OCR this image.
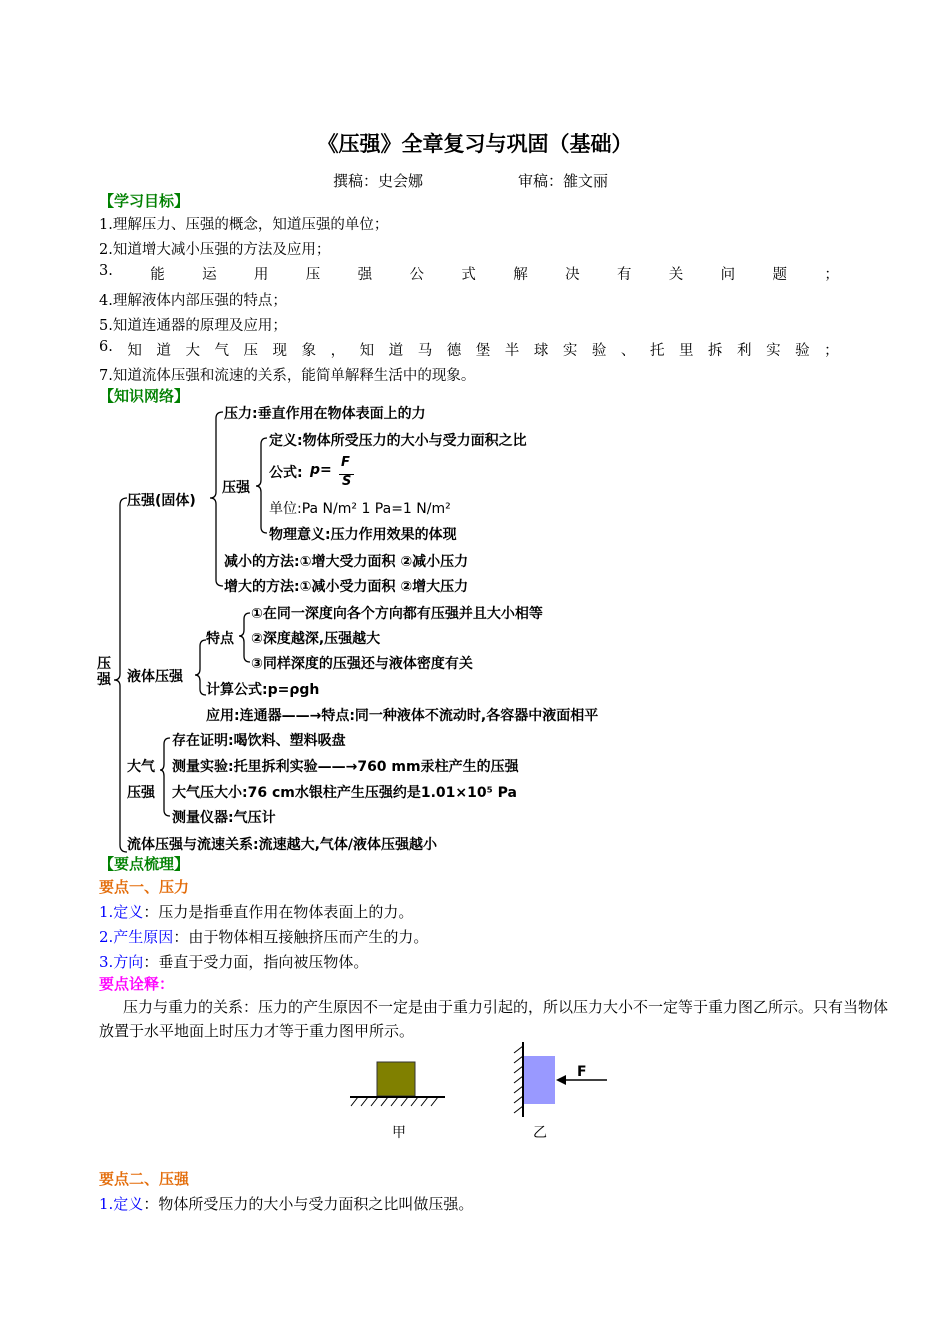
《压强》全章复习与巩固（基础）
撰稿：史会娜	审稿：雒文丽
【学习目标】
1.理解压力、压强的概念，知道压强的单位；
2.知道增大减小压强的方法及应用；
3.	能	运	用	压	强	公	式	解	决	有	关	问	题	；
4.理解液体内部压强的特点；
5.知道连通器的原理及应用；
6. 知 道 大 气 压 现 象 ， 知 道 马 德 堡 半 球 实 验 、 托 里 拆 利 实 验 ；
7.知道流体压强和流速的关系，能简单解释生活中的现象。
【知识网络】
压强
压强(固体)
压力:垂直作用在物体表面上的力
压强
定义:物体所受压力的大小与受力面积之比
公式: p= F
S
单位:Pa N/m² 1 Pa=1 N/m²
物理意义:压力作用效果的体现
减小的方法:①增大受力面积 ②减小压力
增大的方法:①减小受力面积 ②增大压力
液体压强
特点
①在同一深度向各个方向都有压强并且大小相等
②深度越深,压强越大
③同样深度的压强还与液体密度有关
计算公式:p=ρgh
应用:连通器——→特点:同一种液体不流动时,各容器中液面相平
大气
压强
存在证明:喝饮料、塑料吸盘
测量实验:托里拆利实验——→760 mm汞柱产生的压强
大气压大小:76 cm水银柱产生压强约是1.01×10⁵ Pa
测量仪器:气压计
流体压强与流速关系:流速越大,气体/液体压强越小
【要点梳理】
要点一、压力
1.定义：压力是指垂直作用在物体表面上的力。
2.产生原因：由于物体相互接触挤压而产生的力。
3.方向：垂直于受力面，指向被压物体。
要点诠释：
压力与重力的关系：压力的产生原因不一定是由于重力引起的，所以压力大小不一定等于重力图乙所示。只有当物体放置于水平地面上时压力才等于重力图甲所示。
F
甲	乙
要点二、压强
1.定义：物体所受压力的大小与受力面积之比叫做压强。
